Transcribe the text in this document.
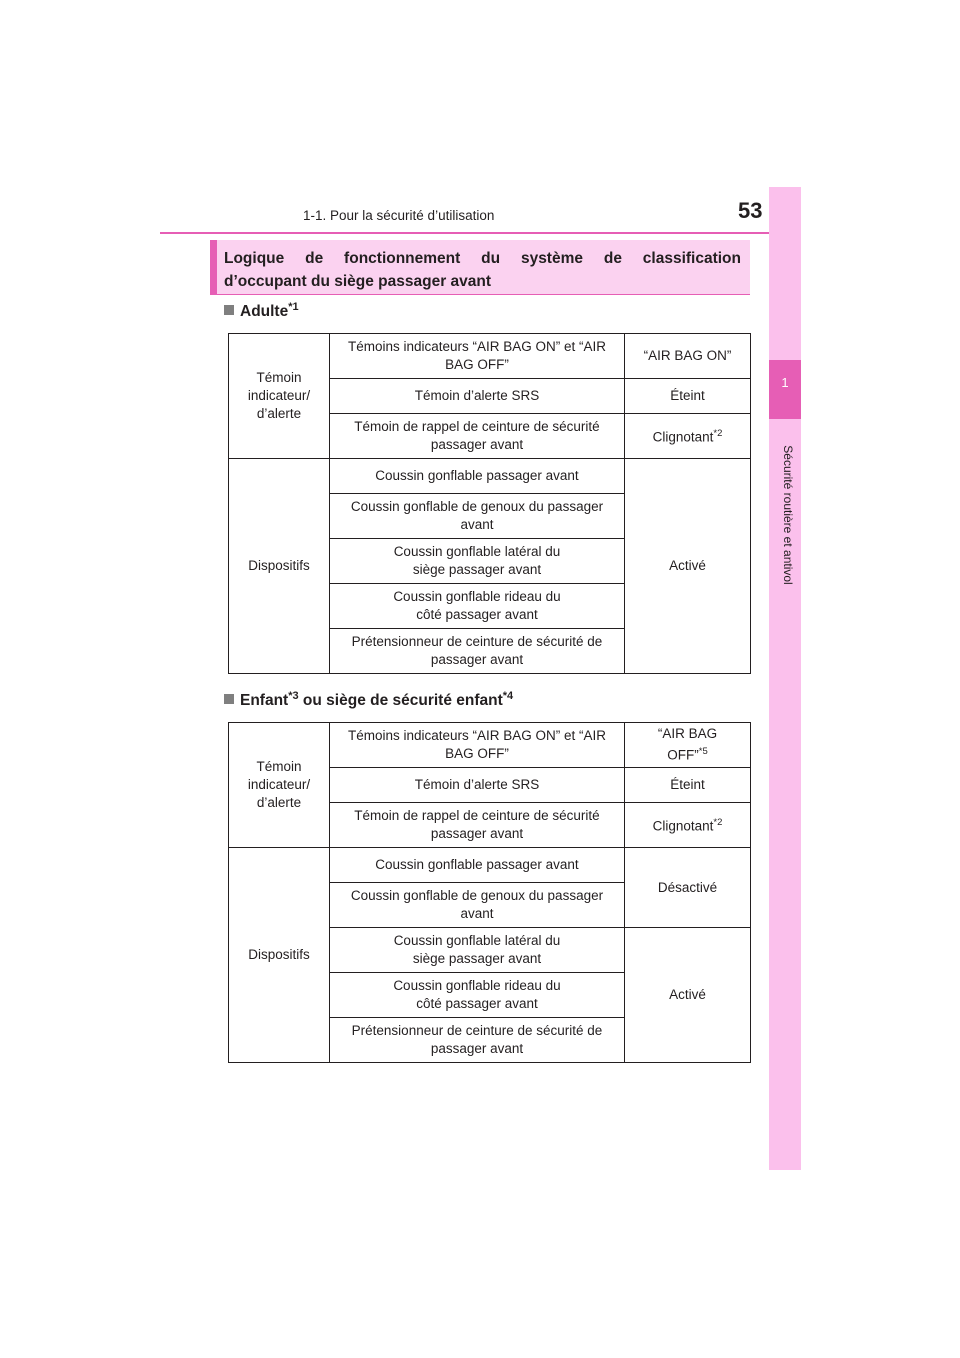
1-1. Pour la sécurité d’utilisation	53
1
Sécurité routière et antivol
Logique de fonctionnement du système de classification
d’occupant du siège passager avant
Adulte$^{*1}$
Témoin indicateur/ d’alerte	Témoins indicateurs “AIR BAG ON” et “AIR BAG OFF”	“AIR BAG ON”
	Témoin d’alerte SRS	Éteint
	Témoin de rappel de ceinture de sécurité passager avant	Clignotant$^{*2}$
Dispositifs	Coussin gonflable passager avant	Activé
	Coussin gonflable de genoux du passager avant	
	Coussin gonflable latéral du siège passager avant	
	Coussin gonflable rideau du côté passager avant	
	Prétensionneur de ceinture de sécurité de passager avant	
Enfant$^{*3}$ ou siège de sécurité enfant$^{*4}$
Témoin indicateur/ d’alerte	Témoins indicateurs “AIR BAG ON” et “AIR BAG OFF”	“AIR BAG OFF”$^{*5}$
	Témoin d’alerte SRS	Éteint
	Témoin de rappel de ceinture de sécurité passager avant	Clignotant$^{*2}$
Dispositifs	Coussin gonflable passager avant	Désactivé
	Coussin gonflable de genoux du passager avant	
	Coussin gonflable latéral du siège passager avant	Activé
	Coussin gonflable rideau du côté passager avant	
	Prétensionneur de ceinture de sécurité de passager avant	
